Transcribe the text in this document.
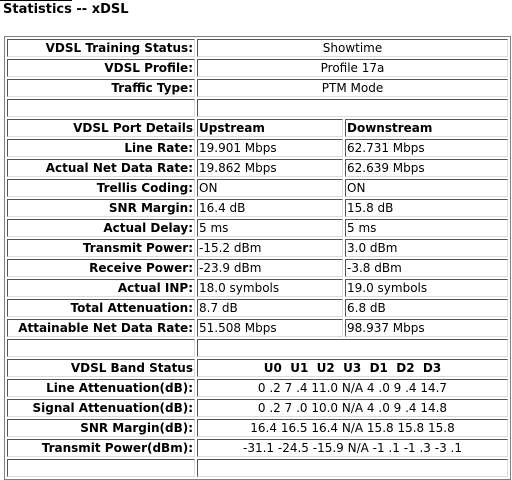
Statistics -- xDSL
VDSL Training Status:	Showtime	
VDSL Profile:	Profile 17a	
Traffic Type:	PTM Mode	

VDSL Port Details	Upstream	Downstream
Line Rate:	19.901 Mbps	62.731 Mbps
Actual Net Data Rate:	19.862 Mbps	62.639 Mbps
Trellis Coding:	ON	ON
SNR Margin:	16.4 dB	15.8 dB
Actual Delay:	5 ms	5 ms
Transmit Power:	-15.2 dBm	3.0 dBm
Receive Power:	-23.9 dBm	-3.8 dBm
Actual INP:	18.0 symbols	19.0 symbols
Total Attenuation:	8.7 dB	6.8 dB
Attainable Net Data Rate:	51.508 Mbps	98.937 Mbps

VDSL Band Status	U0  U1  U2  U3  D1  D2  D3	
Line Attenuation(dB):	0 .2 7 .4 11.0 N/A 4 .0 9 .4 14.7	
Signal Attenuation(dB):	0 .2 7 .0 10.0 N/A 4 .0 9 .4 14.8	
SNR Margin(dB):	16.4 16.5 16.4 N/A 15.8 15.8 15.8	
Transmit Power(dBm):	-31.1 -24.5 -15.9 N/A -1 .1 -1 .3 -3 .1	
